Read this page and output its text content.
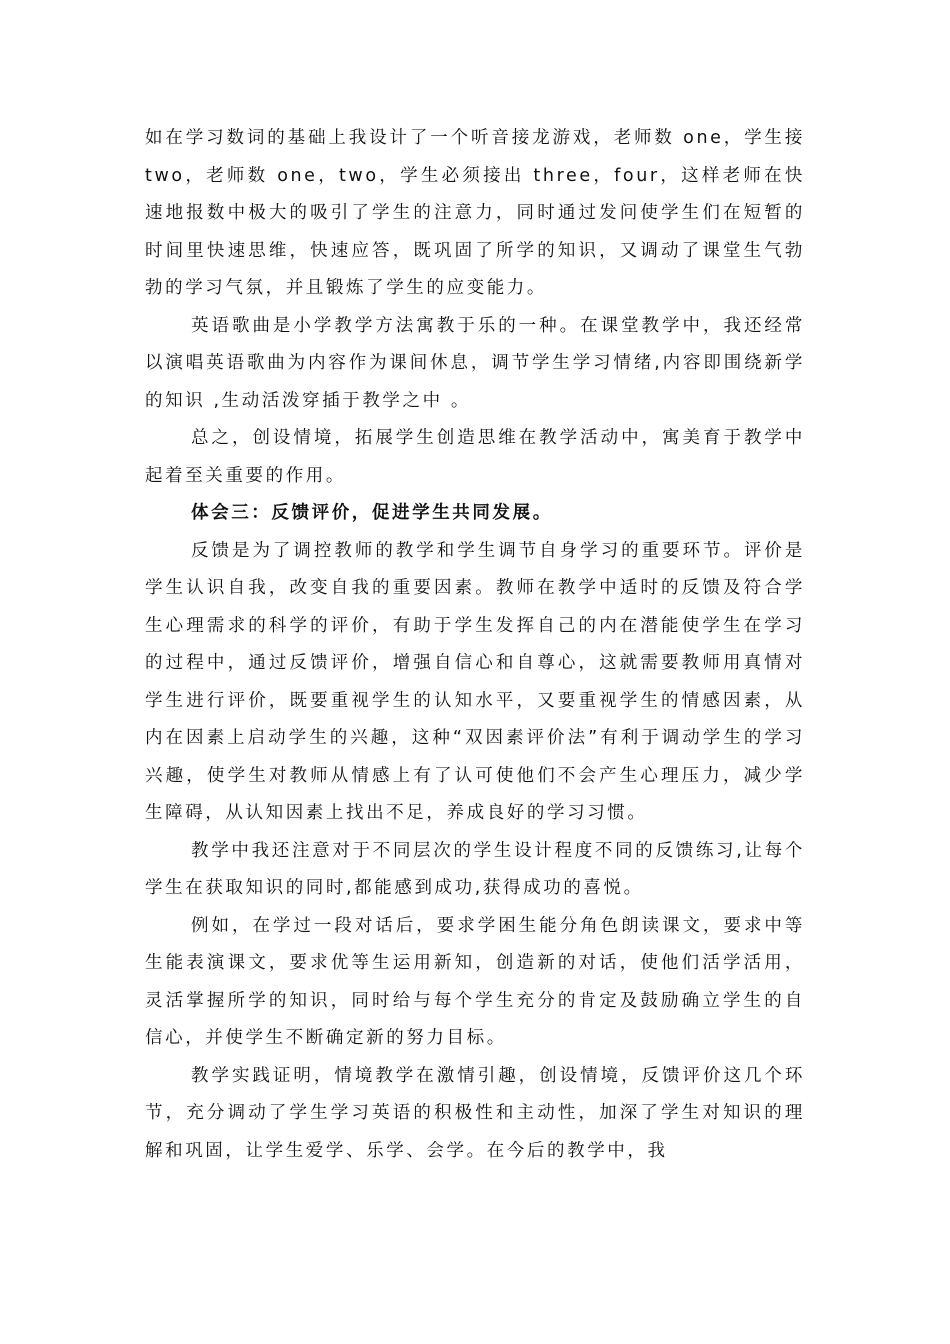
如在学习数词的基础上我设计了一个听音接龙游戏，老师数 one，学生接 two，老师数 one，two，学生必须接出 three，four，这样老师在快速地报数中极大的吸引了学生的注意力，同时通过发问使学生们在短暂的时间里快速思维，快速应答，既巩固了所学的知识，又调动了课堂生气勃勃的学习气氛，并且锻炼了学生的应变能力。

英语歌曲是小学教学方法寓教于乐的一种。在课堂教学中，我还经常以演唱英语歌曲为内容作为课间休息，调节学生学习情绪,内容即围绕新学的知识 ,生动活泼穿插于教学之中 。

总之，创设情境，拓展学生创造思维在教学活动中，寓美育于教学中起着至关重要的作用。

体会三：反馈评价，促进学生共同发展。

反馈是为了调控教师的教学和学生调节自身学习的重要环节。评价是学生认识自我，改变自我的重要因素。教师在教学中适时的反馈及符合学生心理需求的科学的评价，有助于学生发挥自己的内在潜能使学生在学习的过程中，通过反馈评价，增强自信心和自尊心，这就需要教师用真情对学生进行评价，既要重视学生的认知水平，又要重视学生的情感因素，从内在因素上启动学生的兴趣，这种“双因素评价法”有利于调动学生的学习兴趣，使学生对教师从情感上有了认可使他们不会产生心理压力，减少学生障碍，从认知因素上找出不足，养成良好的学习习惯。

教学中我还注意对于不同层次的学生设计程度不同的反馈练习,让每个学生在获取知识的同时,都能感到成功,获得成功的喜悦。

例如，在学过一段对话后，要求学困生能分角色朗读课文，要求中等生能表演课文，要求优等生运用新知，创造新的对话，使他们活学活用，灵活掌握所学的知识，同时给与每个学生充分的肯定及鼓励确立学生的自信心，并使学生不断确定新的努力目标。

教学实践证明，情境教学在激情引趣，创设情境，反馈评价这几个环节，充分调动了学生学习英语的积极性和主动性，加深了学生对知识的理解和巩固，让学生爱学、乐学、会学。在今后的教学中，我
